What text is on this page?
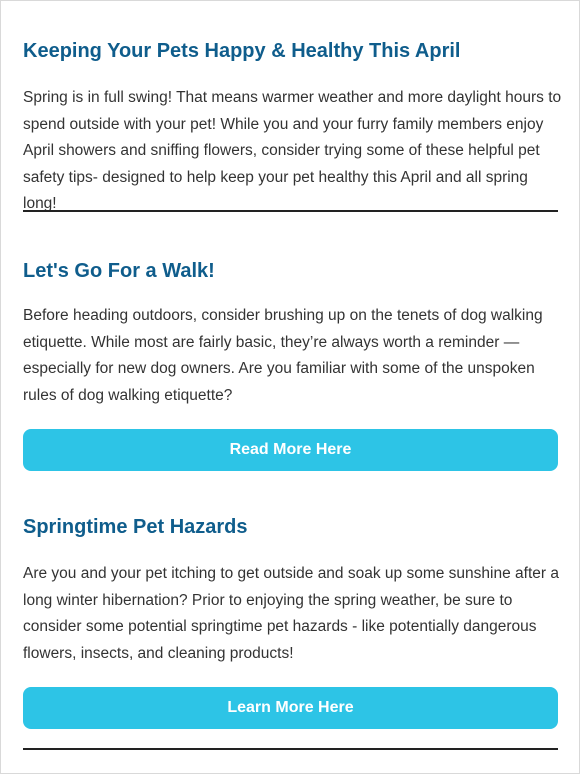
Keeping Your Pets Happy & Healthy This April

Spring is in full swing! That means warmer weather and more daylight hours to spend outside with your pet! While you and your furry family members enjoy April showers and sniffing flowers, consider trying some of these helpful pet safety tips- designed to help keep your pet healthy this April and all spring long!

Let's Go For a Walk!

Before heading outdoors, consider brushing up on the tenets of dog walking etiquette. While most are fairly basic, they’re always worth a reminder — especially for new dog owners. Are you familiar with some of the unspoken rules of dog walking etiquette?

Read More Here
Springtime Pet Hazards

Are you and your pet itching to get outside and soak up some sunshine after a long winter hibernation? Prior to enjoying the spring weather, be sure to consider some potential springtime pet hazards - like potentially dangerous flowers, insects, and cleaning products!

Learn More Here
